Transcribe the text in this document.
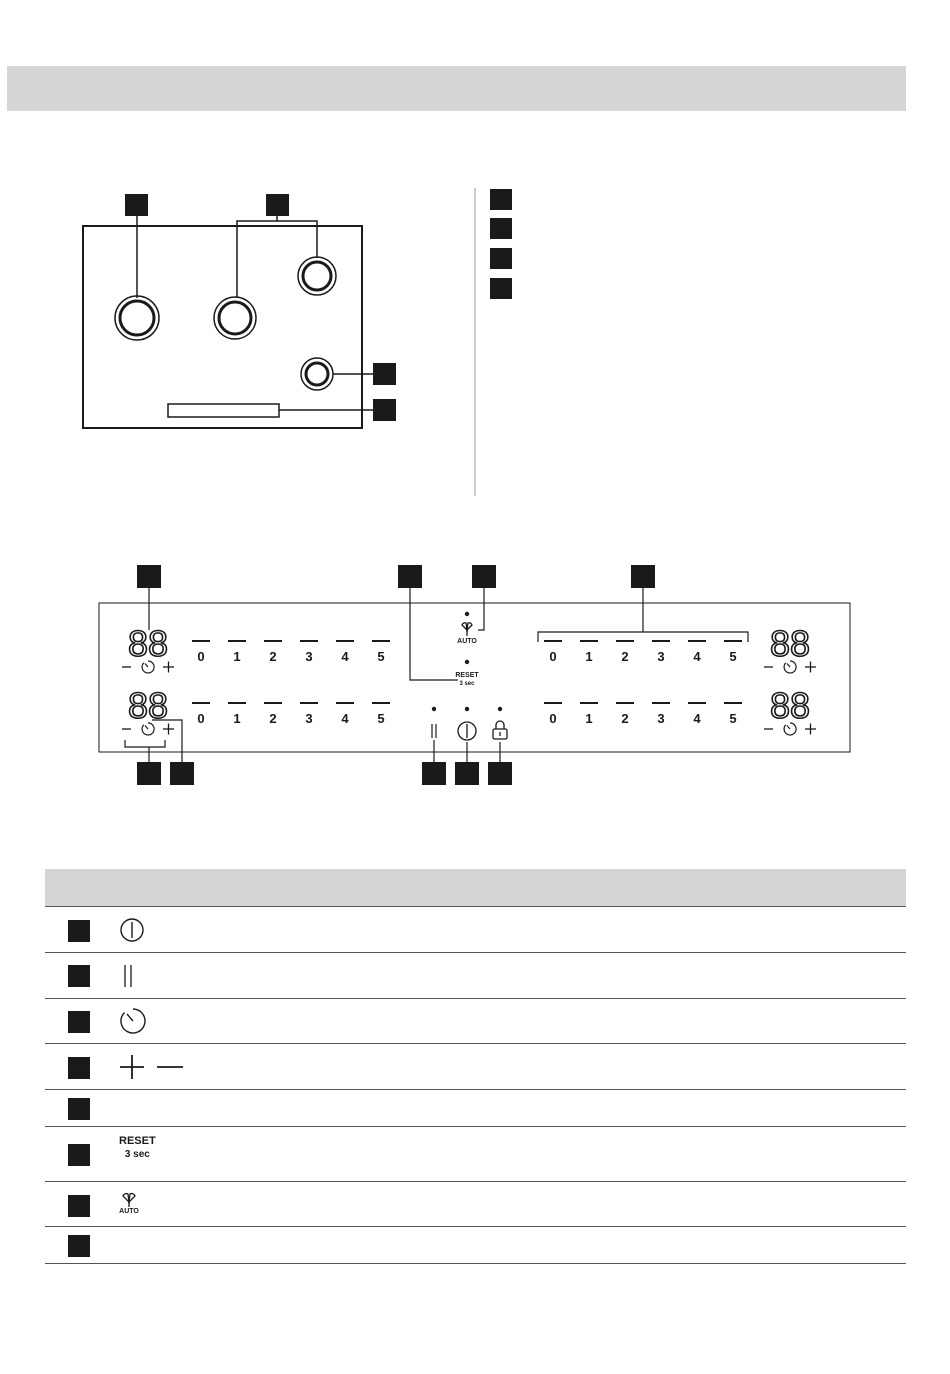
88
88
88
88
0 1 2 3 4 5
0 1 2 3 4 5
0 1 2 3 4 5
0 1 2 3 4 5
AUTO
RESET
3 sec
RESET
3 sec
AUTO
